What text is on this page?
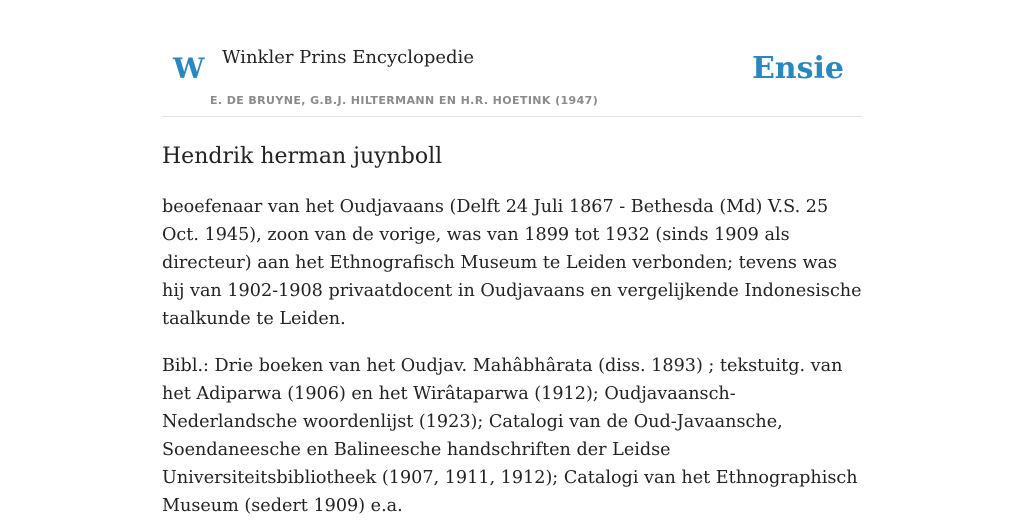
W Winkler Prins Encyclopedie
E. DE BRUYNE, G.B.J. HILTERMANN EN H.R. HOETINK (1947)
Ensie
Hendrik herman juynboll

beoefenaar van het Oudjavaans (Delft 24 Juli 1867 - Bethesda (Md) V.S. 25 Oct. 1945), zoon van de vorige, was van 1899 tot 1932 (sinds 1909 als directeur) aan het Ethnografisch Museum te Leiden verbonden; tevens was hij van 1902-1908 privaatdocent in Oudjavaans en vergelijkende Indonesische taalkunde te Leiden.

Bibl.: Drie boeken van het Oudjav. Mahâbhârata (diss. 1893) ; tekstuitg. van het Adiparwa (1906) en het Wirâtaparwa (1912); Oudjavaansch-Nederlandsche woordenlijst (1923); Catalogi van de Oud-Javaansche, Soendaneesche en Balineesche handschriften der Leidse Universiteitsbibliotheek (1907, 1911, 1912); Catalogi van het Ethnographisch Museum (sedert 1909) e.a.
